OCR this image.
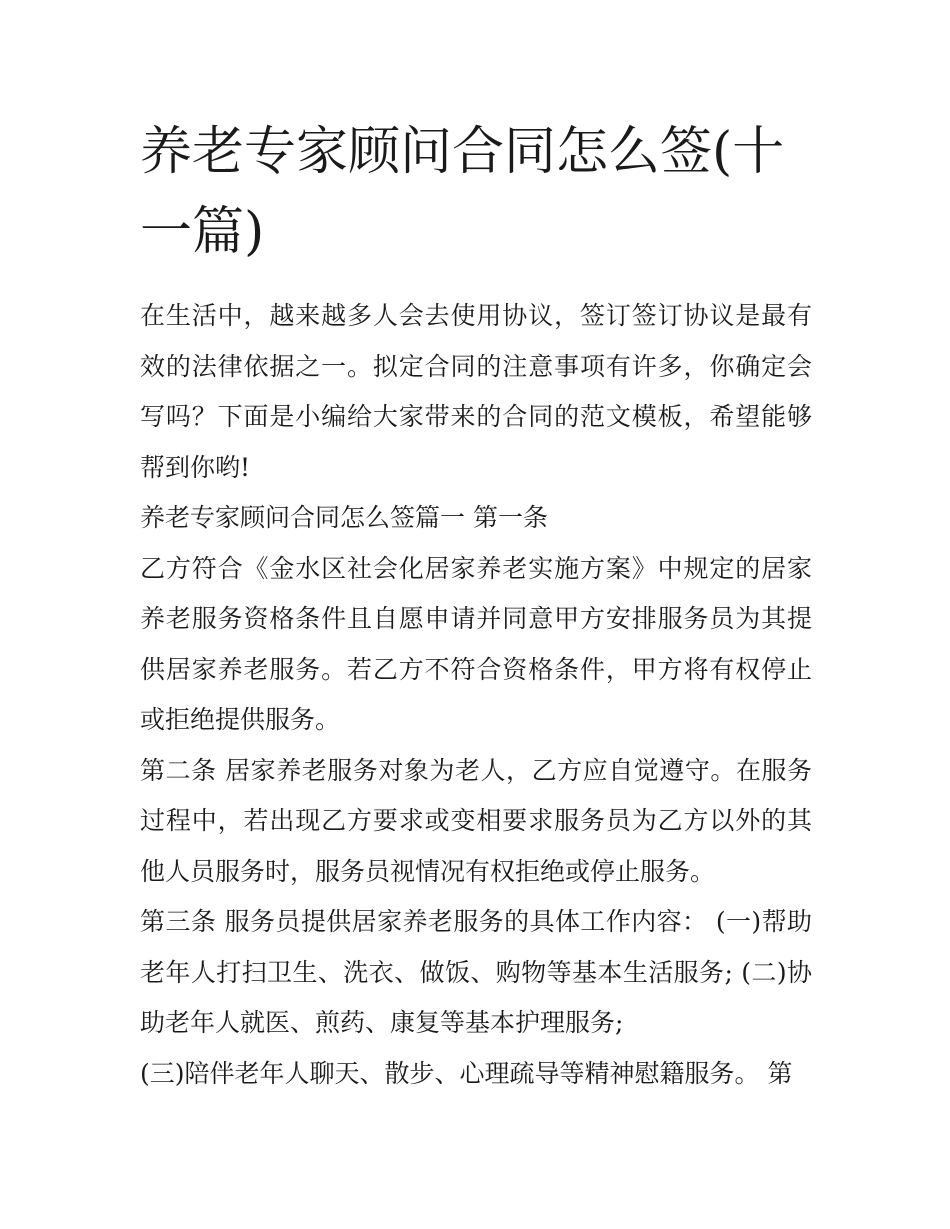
养老专家顾问合同怎么签(十一篇)

在生活中，越来越多人会去使用协议，签订签订协议是最有效的法律依据之一。拟定合同的注意事项有许多，你确定会写吗？下面是小编给大家带来的合同的范文模板，希望能够帮到你哟!

养老专家顾问合同怎么签篇一 第一条

乙方符合《金水区社会化居家养老实施方案》中规定的居家养老服务资格条件且自愿申请并同意甲方安排服务员为其提供居家养老服务。若乙方不符合资格条件，甲方将有权停止或拒绝提供服务。

第二条 居家养老服务对象为老人，乙方应自觉遵守。在服务过程中，若出现乙方要求或变相要求服务员为乙方以外的其他人员服务时，服务员视情况有权拒绝或停止服务。

第三条 服务员提供居家养老服务的具体工作内容： (一)帮助老年人打扫卫生、洗衣、做饭、购物等基本生活服务; (二)协助老年人就医、煎药、康复等基本护理服务;

(三)陪伴老年人聊天、散步、心理疏导等精神慰籍服务。 第
